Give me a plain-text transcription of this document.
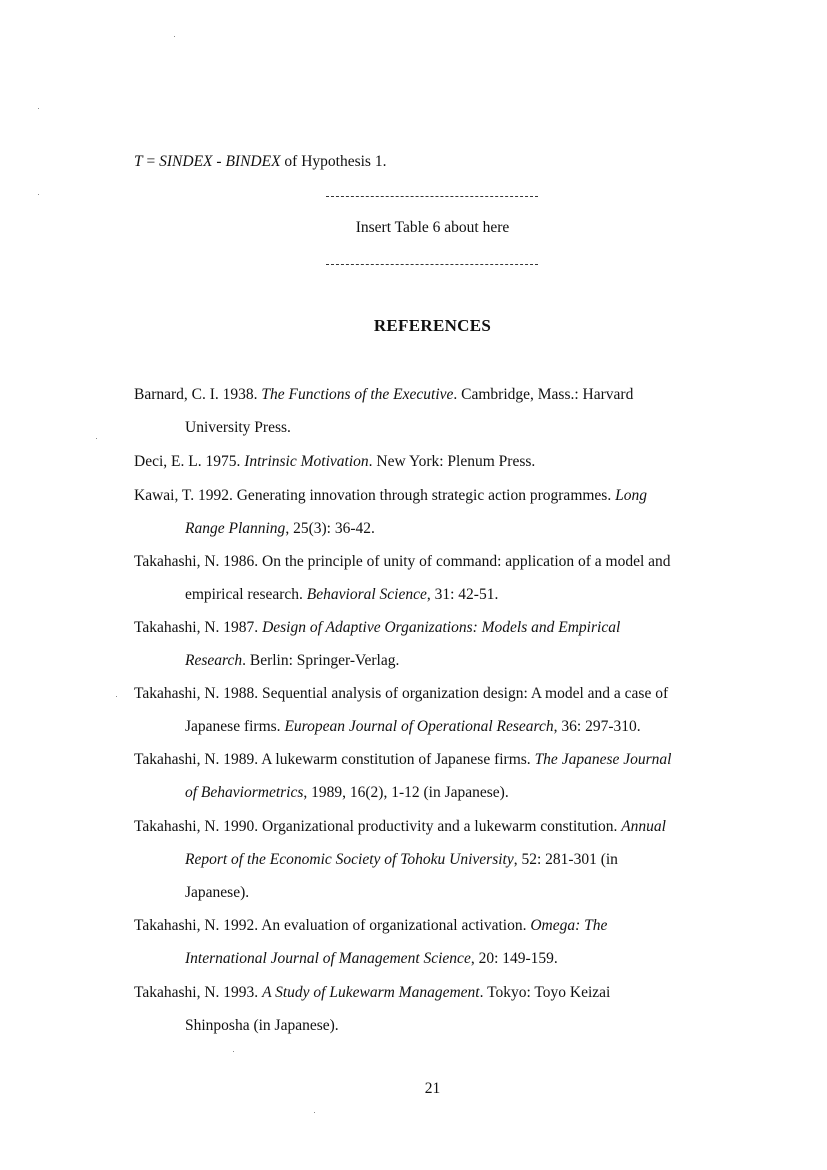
T = SINDEX - BINDEX of Hypothesis 1.
Insert Table 6 about here
REFERENCES
Barnard, C. I. 1938. The Functions of the Executive. Cambridge, Mass.: Harvard
University Press.
Deci, E. L. 1975. Intrinsic Motivation. New York: Plenum Press.
Kawai, T. 1992. Generating innovation through strategic action programmes. Long
Range Planning, 25(3): 36-42.
Takahashi, N. 1986. On the principle of unity of command: application of a model and
empirical research. Behavioral Science, 31: 42-51.
Takahashi, N. 1987. Design of Adaptive Organizations: Models and Empirical
Research. Berlin: Springer-Verlag.
Takahashi, N. 1988. Sequential analysis of organization design: A model and a case of
Japanese firms. European Journal of Operational Research, 36: 297-310.
Takahashi, N. 1989. A lukewarm constitution of Japanese firms. The Japanese Journal
of Behaviormetrics, 1989, 16(2), 1-12 (in Japanese).
Takahashi, N. 1990. Organizational productivity and a lukewarm constitution. Annual
Report of the Economic Society of Tohoku University, 52: 281-301 (in
Japanese).
Takahashi, N. 1992. An evaluation of organizational activation. Omega: The
International Journal of Management Science, 20: 149-159.
Takahashi, N. 1993. A Study of Lukewarm Management. Tokyo: Toyo Keizai
Shinposha (in Japanese).
21
